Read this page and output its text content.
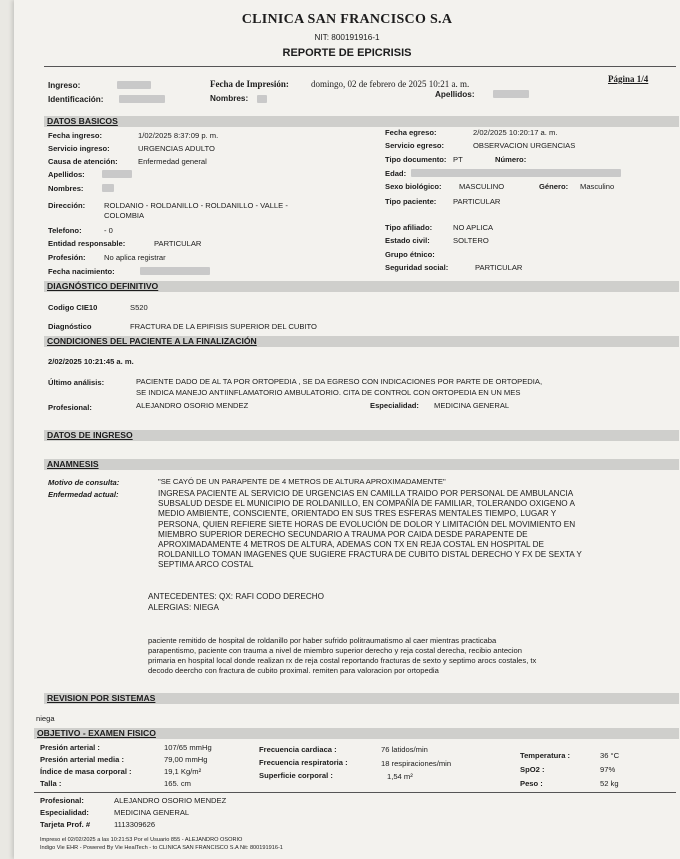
CLINICA SAN FRANCISCO S.A
NIT: 800191916-1
REPORTE DE EPICRISIS
Ingreso:
Identificación:
Fecha de Impresión: domingo, 02 de febrero de 2025 10:21 a. m.	Página 1/4
Nombres:	Apellidos:
DATOS BASICOS
Fecha ingreso:	1/02/2025 8:37:09 p. m.
Servicio ingreso:	URGENCIAS ADULTO
Causa de atención:	Enfermedad general
Apellidos:
Nombres:
Dirección: ROLDANIO - ROLDANILLO - ROLDANILLO - VALLE -
COLOMBIA
Telefono:	- 0
Entidad responsable:	PARTICULAR
Profesión: No aplica registrar
Fecha nacimiento:
Fecha egreso:	2/02/2025 10:20:17 a. m.
Servicio egreso:	OBSERVACION URGENCIAS
Tipo documento: PT	Número:
Edad:
Sexo biológico: MASCULINO	Género: Masculino
Tipo paciente: PARTICULAR
Tipo afiliado:	NO APLICA
Estado civil:	SOLTERO
Grupo étnico:
Seguridad social:	PARTICULAR
DIAGNÓSTICO DEFINITIVO
Codigo CIE10	S520
Diagnóstico	FRACTURA DE LA EPIFISIS SUPERIOR DEL CUBITO
CONDICIONES DEL PACIENTE A LA FINALIZACIÓN
2/02/2025 10:21:45 a. m.
Último análisis:	PACIENTE DADO DE AL TA POR ORTOPEDIA , SE DA EGRESO CON INDICACIONES POR PARTE DE ORTOPEDIA,
SE INDICA MANEJO ANTIINFLAMATORIO AMBULATORIO. CITA DE CONTROL CON ORTOPEDIA EN UN MES
Profesional:	ALEJANDRO OSORIO MENDEZ	Especialidad: MEDICINA GENERAL
DATOS DE INGRESO
ANAMNESIS
Motivo de consulta:	"SE CAYÓ DE UN PARAPENTE DE 4 METROS DE ALTURA APROXIMADAMENTE"
Enfermedad actual:	INGRESA PACIENTE AL SERVICIO DE URGENCIAS EN CAMILLA TRAIDO POR PERSONAL DE AMBULANCIA
SUBSALUD DESDE EL MUNICIPIO DE ROLDANILLO, EN COMPAÑÍA DE FAMILIAR, TOLERANDO OXIGENO A
MEDIO AMBIENTE, CONSCIENTE, ORIENTADO EN SUS TRES ESFERAS MENTALES TIEMPO, LUGAR Y
PERSONA, QUIEN REFIERE SIETE HORAS DE EVOLUCIÓN DE DOLOR Y LIMITACIÓN DEL MOVIMIENTO EN
MIEMBRO SUPERIOR DERECHO SECUNDARIO A TRAUMA POR CAIDA DESDE PARAPENTE DE
APROXIMADAMENTE 4 METROS DE ALTURA, ADEMAS CON TX EN REJA COSTAL EN HOSPITAL DE
ROLDANILLO TOMAN IMAGENES QUE SUGIERE FRACTURA DE CUBITO DISTAL DERECHO Y FX DE SEXTA Y
SEPTIMA ARCO COSTAL
ANTECEDENTES: QX: RAFI CODO DERECHO
ALERGIAS: NIEGA
paciente remitido de hospital de roldanillo por haber sufrido politraumatismo al caer mientras practicaba
parapentismo, paciente con trauma a nivel de miembro superior derecho y reja costal derecha, recibio antecion
primaria en hospital local donde realizan rx de reja costal reportando fracturas de sexto y septimo arocs costales, tx
decodo deercho con fractura de cubito proximal. remiten para valoracion por ortopedia
REVISION POR SISTEMAS
niega
OBJETIVO - EXAMEN FISICO
Presión arterial :	107/65 mmHg
Presión arterial media :	79,00 mmHg
Índice de masa corporal :	19,1 Kg/m²
Talla :	165. cm
Frecuencia cardiaca :	76 latidos/min
Frecuencia respiratoria :	18 respiraciones/min
Superficie corporal :	1,54 m²
Temperatura :	36 °C
SpO2 :	97%
Peso :	52 kg
Profesional:	ALEJANDRO OSORIO MENDEZ
Especialidad:	MEDICINA GENERAL
Tarjeta Prof. #	1113309626
Impreso el 02/02/2025 a las 10:21:53 Por el Usuario 855 - ALEJANDRO OSORIO
Indigo Vie EHR - Powered By Vie HealTech - to CLINICA SAN FRANCISCO S.A Nit: 800191916-1
